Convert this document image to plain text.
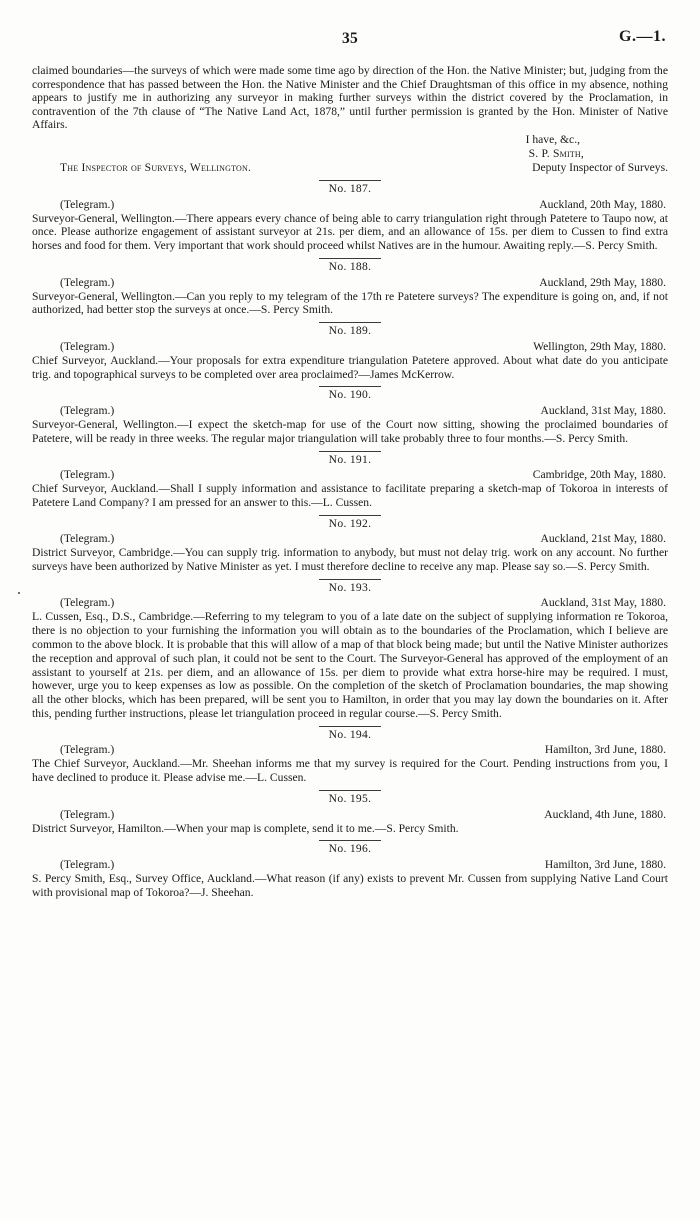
35	G.—1.

claimed boundaries—the surveys of which were made some time ago by direction of the Hon. the Native Minister; but, judging from the correspondence that has passed between the Hon. the Native Minister and the Chief Draughtsman of this office in my absence, nothing appears to justify me in authorizing any surveyor in making further surveys within the district covered by the Proclamation, in contravention of the 7th clause of “The Native Land Act, 1878,” until further permission is granted by the Hon. Minister of Native Affairs.

I have, &c.,
S. P. Smith,
The Inspector of Surveys, Wellington.	Deputy Inspector of Surveys.
No. 187.
(Telegram.)	Auckland, 20th May, 1880.

Surveyor-General, Wellington.—There appears every chance of being able to carry triangulation right through Patetere to Taupo now, at once. Please authorize engagement of assistant surveyor at 21s. per diem, and an allowance of 15s. per diem to Cussen to find extra horses and food for them. Very important that work should proceed whilst Natives are in the humour. Awaiting reply.—S. Percy Smith.

No. 188.
(Telegram.)	Auckland, 29th May, 1880.

Surveyor-General, Wellington.—Can you reply to my telegram of the 17th re Patetere surveys? The expenditure is going on, and, if not authorized, had better stop the surveys at once.—S. Percy Smith.

No. 189.
(Telegram.)	Wellington, 29th May, 1880.

Chief Surveyor, Auckland.—Your proposals for extra expenditure triangulation Patetere approved. About what date do you anticipate trig. and topographical surveys to be completed over area proclaimed?—James McKerrow.

No. 190.
(Telegram.)	Auckland, 31st May, 1880.

Surveyor-General, Wellington.—I expect the sketch-map for use of the Court now sitting, showing the proclaimed boundaries of Patetere, will be ready in three weeks. The regular major triangulation will take probably three to four months.—S. Percy Smith.

No. 191.
(Telegram.)	Cambridge, 20th May, 1880.

Chief Surveyor, Auckland.—Shall I supply information and assistance to facilitate preparing a sketch-map of Tokoroa in interests of Patetere Land Company? I am pressed for an answer to this.—L. Cussen.

No. 192.
(Telegram.)	Auckland, 21st May, 1880.

District Surveyor, Cambridge.—You can supply trig. information to anybody, but must not delay trig. work on any account. No further surveys have been authorized by Native Minister as yet. I must therefore decline to receive any map. Please say so.—S. Percy Smith.

No. 193.
(Telegram.)	Auckland, 31st May, 1880.

L. Cussen, Esq., D.S., Cambridge.—Referring to my telegram to you of a late date on the subject of supplying information re Tokoroa, there is no objection to your furnishing the information you will obtain as to the boundaries of the Proclamation, which I believe are common to the above block. It is probable that this will allow of a map of that block being made; but until the Native Minister authorizes the reception and approval of such plan, it could not be sent to the Court. The Surveyor-General has approved of the employment of an assistant to yourself at 21s. per diem, and an allowance of 15s. per diem to provide what extra horse-hire may be required. I must, however, urge you to keep expenses as low as possible. On the completion of the sketch of Proclamation boundaries, the map showing all the other blocks, which has been prepared, will be sent you to Hamilton, in order that you may lay down the boundaries on it. After this, pending further instructions, please let triangulation proceed in regular course.—S. Percy Smith.

No. 194.
(Telegram.)	Hamilton, 3rd June, 1880.

The Chief Surveyor, Auckland.—Mr. Sheehan informs me that my survey is required for the Court. Pending instructions from you, I have declined to produce it. Please advise me.—L. Cussen.

No. 195.
(Telegram.)	Auckland, 4th June, 1880.

District Surveyor, Hamilton.—When your map is complete, send it to me.—S. Percy Smith.

No. 196.
(Telegram.)	Hamilton, 3rd June, 1880.

S. Percy Smith, Esq., Survey Office, Auckland.—What reason (if any) exists to prevent Mr. Cussen from supplying Native Land Court with provisional map of Tokoroa?—J. Sheehan.
